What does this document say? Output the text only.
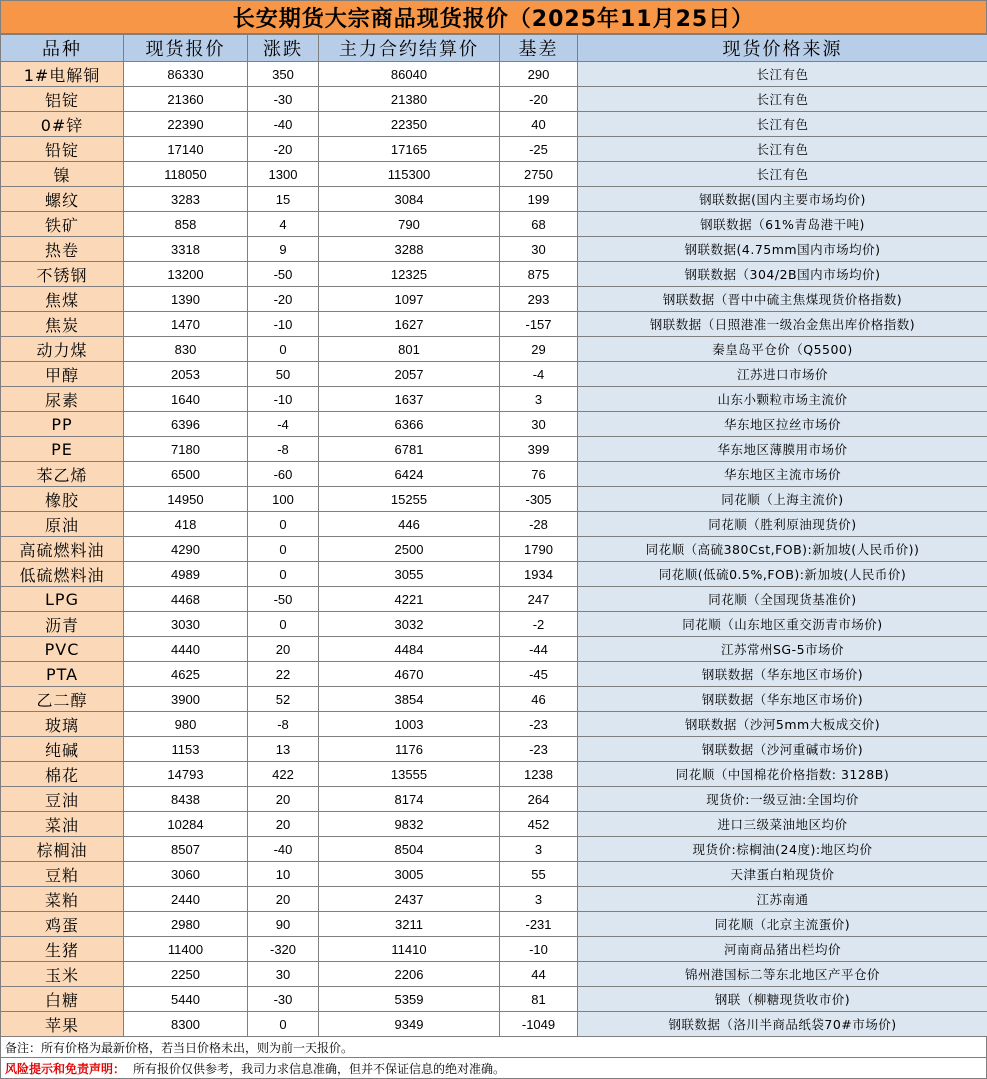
长安期货大宗商品现货报价（2025年11月25日）
品种	现货报价	涨跌	主力合约结算价	基差	现货价格来源
1#电解铜	86330	350	86040	290	长江有色
铝锭	21360	-30	21380	-20	长江有色
0#锌	22390	-40	22350	40	长江有色
铅锭	17140	-20	17165	-25	长江有色
镍	118050	1300	115300	2750	长江有色
螺纹	3283	15	3084	199	钢联数据(国内主要市场均价)
铁矿	858	4	790	68	钢联数据（61%青岛港干吨)
热卷	3318	9	3288	30	钢联数据(4.75mm国内市场均价)
不锈钢	13200	-50	12325	875	钢联数据（304/2B国内市场均价)
焦煤	1390	-20	1097	293	钢联数据（晋中中硫主焦煤现货价格指数)
焦炭	1470	-10	1627	-157	钢联数据（日照港准一级冶金焦出库价格指数)
动力煤	830	0	801	29	秦皇岛平仓价（Q5500)
甲醇	2053	50	2057	-4	江苏进口市场价
尿素	1640	-10	1637	3	山东小颗粒市场主流价
PP	6396	-4	6366	30	华东地区拉丝市场价
PE	7180	-8	6781	399	华东地区薄膜用市场价
苯乙烯	6500	-60	6424	76	华东地区主流市场价
橡胶	14950	100	15255	-305	同花顺（上海主流价)
原油	418	0	446	-28	同花顺（胜利原油现货价)
高硫燃料油	4290	0	2500	1790	同花顺（高硫380Cst,FOB):新加坡(人民币价))
低硫燃料油	4989	0	3055	1934	同花顺(低硫0.5%,FOB):新加坡(人民币价)
LPG	4468	-50	4221	247	同花顺（全国现货基准价)
沥青	3030	0	3032	-2	同花顺（山东地区重交沥青市场价)
PVC	4440	20	4484	-44	江苏常州SG-5市场价
PTA	4625	22	4670	-45	钢联数据（华东地区市场价)
乙二醇	3900	52	3854	46	钢联数据（华东地区市场价)
玻璃	980	-8	1003	-23	钢联数据（沙河5mm大板成交价)
纯碱	1153	13	1176	-23	钢联数据（沙河重碱市场价)
棉花	14793	422	13555	1238	同花顺（中国棉花价格指数: 3128B)
豆油	8438	20	8174	264	现货价:一级豆油:全国均价
菜油	10284	20	9832	452	进口三级菜油地区均价
棕榈油	8507	-40	8504	3	现货价:棕榈油(24度):地区均价
豆粕	3060	10	3005	55	天津蛋白粕现货价
菜粕	2440	20	2437	3	江苏南通
鸡蛋	2980	90	3211	-231	同花顺（北京主流蛋价)
生猪	11400	-320	11410	-10	河南商品猪出栏均价
玉米	2250	30	2206	44	锦州港国标二等东北地区产平仓价
白糖	5440	-30	5359	81	钢联（柳糖现货收市价)
苹果	8300	0	9349	-1049	钢联数据（洛川半商品纸袋70#市场价)
备注：所有价格为最新价格，若当日价格未出，则为前一天报价。
风险提示和免责声明： 所有报价仅供参考，我司力求信息准确，但并不保证信息的绝对准确。
